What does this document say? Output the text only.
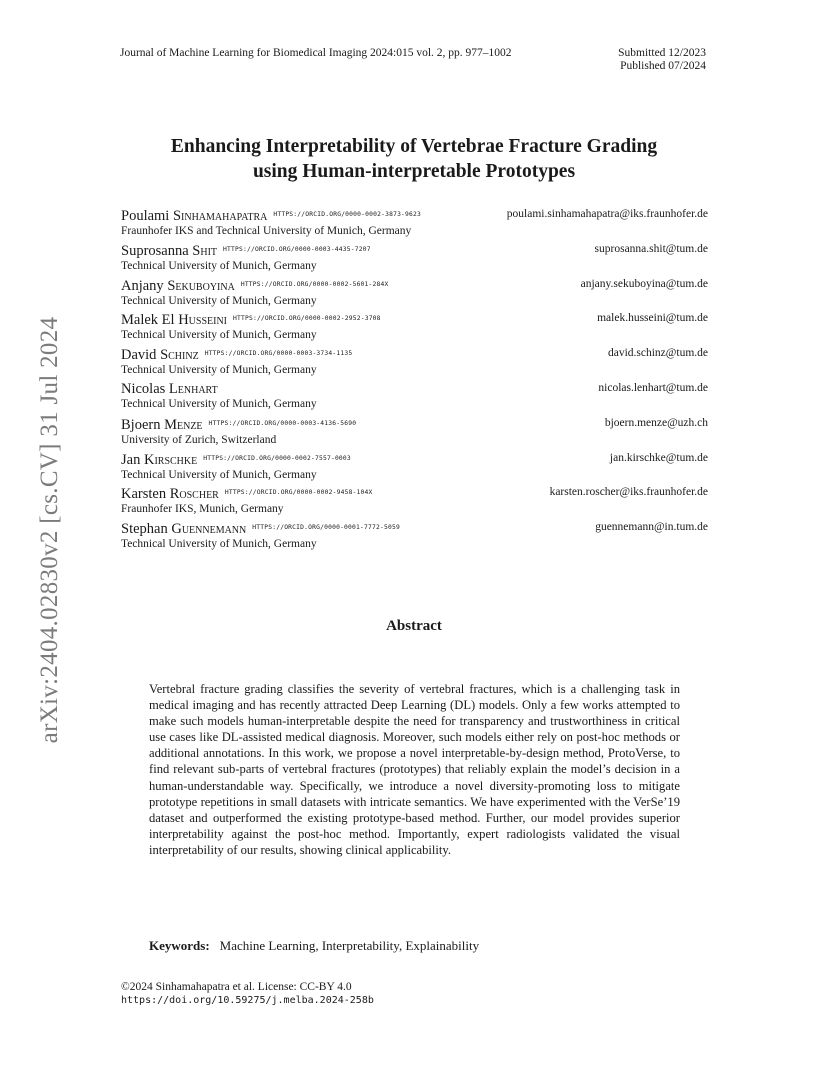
Journal of Machine Learning for Biomedical Imaging 2024:015 vol. 2, pp. 977–1002	Submitted 12/2023
Published 07/2024
arXiv:2404.02830v2 [cs.CV] 31 Jul 2024
Enhancing Interpretability of Vertebrae Fracture Grading
using Human-interpretable Prototypes
Poulami Sinhamahapatra $^{HTTPS://ORCID.ORG/0000-0002-3873-9623}$
Fraunhofer IKS and Technical University of Munich, Germany
poulami.sinhamahapatra@iks.fraunhofer.de
Suprosanna Shit $^{HTTPS://ORCID.ORG/0000-0003-4435-7207}$
Technical University of Munich, Germany
suprosanna.shit@tum.de
Anjany Sekuboyina $^{HTTPS://ORCID.ORG/0000-0002-5601-284X}$
Technical University of Munich, Germany
anjany.sekuboyina@tum.de
Malek El Husseini $^{HTTPS://ORCID.ORG/0000-0002-2952-3708}$
Technical University of Munich, Germany
malek.husseini@tum.de
David Schinz $^{HTTPS://ORCID.ORG/0000-0003-3734-1135}$
Technical University of Munich, Germany
david.schinz@tum.de
Nicolas Lenhart
Technical University of Munich, Germany
nicolas.lenhart@tum.de
Bjoern Menze $^{HTTPS://ORCID.ORG/0000-0003-4136-5690}$
University of Zurich, Switzerland
bjoern.menze@uzh.ch
Jan Kirschke $^{HTTPS://ORCID.ORG/0000-0002-7557-0003}$
Technical University of Munich, Germany
jan.kirschke@tum.de
Karsten Roscher $^{HTTPS://ORCID.ORG/0000-0002-9458-104X}$
Fraunhofer IKS, Munich, Germany
karsten.roscher@iks.fraunhofer.de
Stephan Guennemann $^{HTTPS://ORCID.ORG/0000-0001-7772-5059}$
Technical University of Munich, Germany
guennemann@in.tum.de
Abstract
Vertebral fracture grading classifies the severity of vertebral fractures, which is a challenging task in medical imaging and has recently attracted Deep Learning (DL) models. Only a few works attempted to make such models human-interpretable despite the need for transparency and trustworthiness in critical use cases like DL-assisted medical diagnosis. Moreover, such models either rely on post-hoc methods or additional annotations. In this work, we propose a novel interpretable-by-design method, ProtoVerse, to find relevant sub-parts of vertebral fractures (prototypes) that reliably explain the model’s decision in a human-understandable way. Specifically, we introduce a novel diversity-promoting loss to mitigate prototype repetitions in small datasets with intricate semantics. We have experimented with the VerSe’19 dataset and outperformed the existing prototype-based method. Further, our model provides superior interpretability against the post-hoc method. Importantly, expert radiologists validated the visual interpretability of our results, showing clinical applicability.
Keywords: Machine Learning, Interpretability, Explainability
©2024 Sinhamahapatra et al. License: CC-BY 4.0
https://doi.org/10.59275/j.melba.2024-258b
